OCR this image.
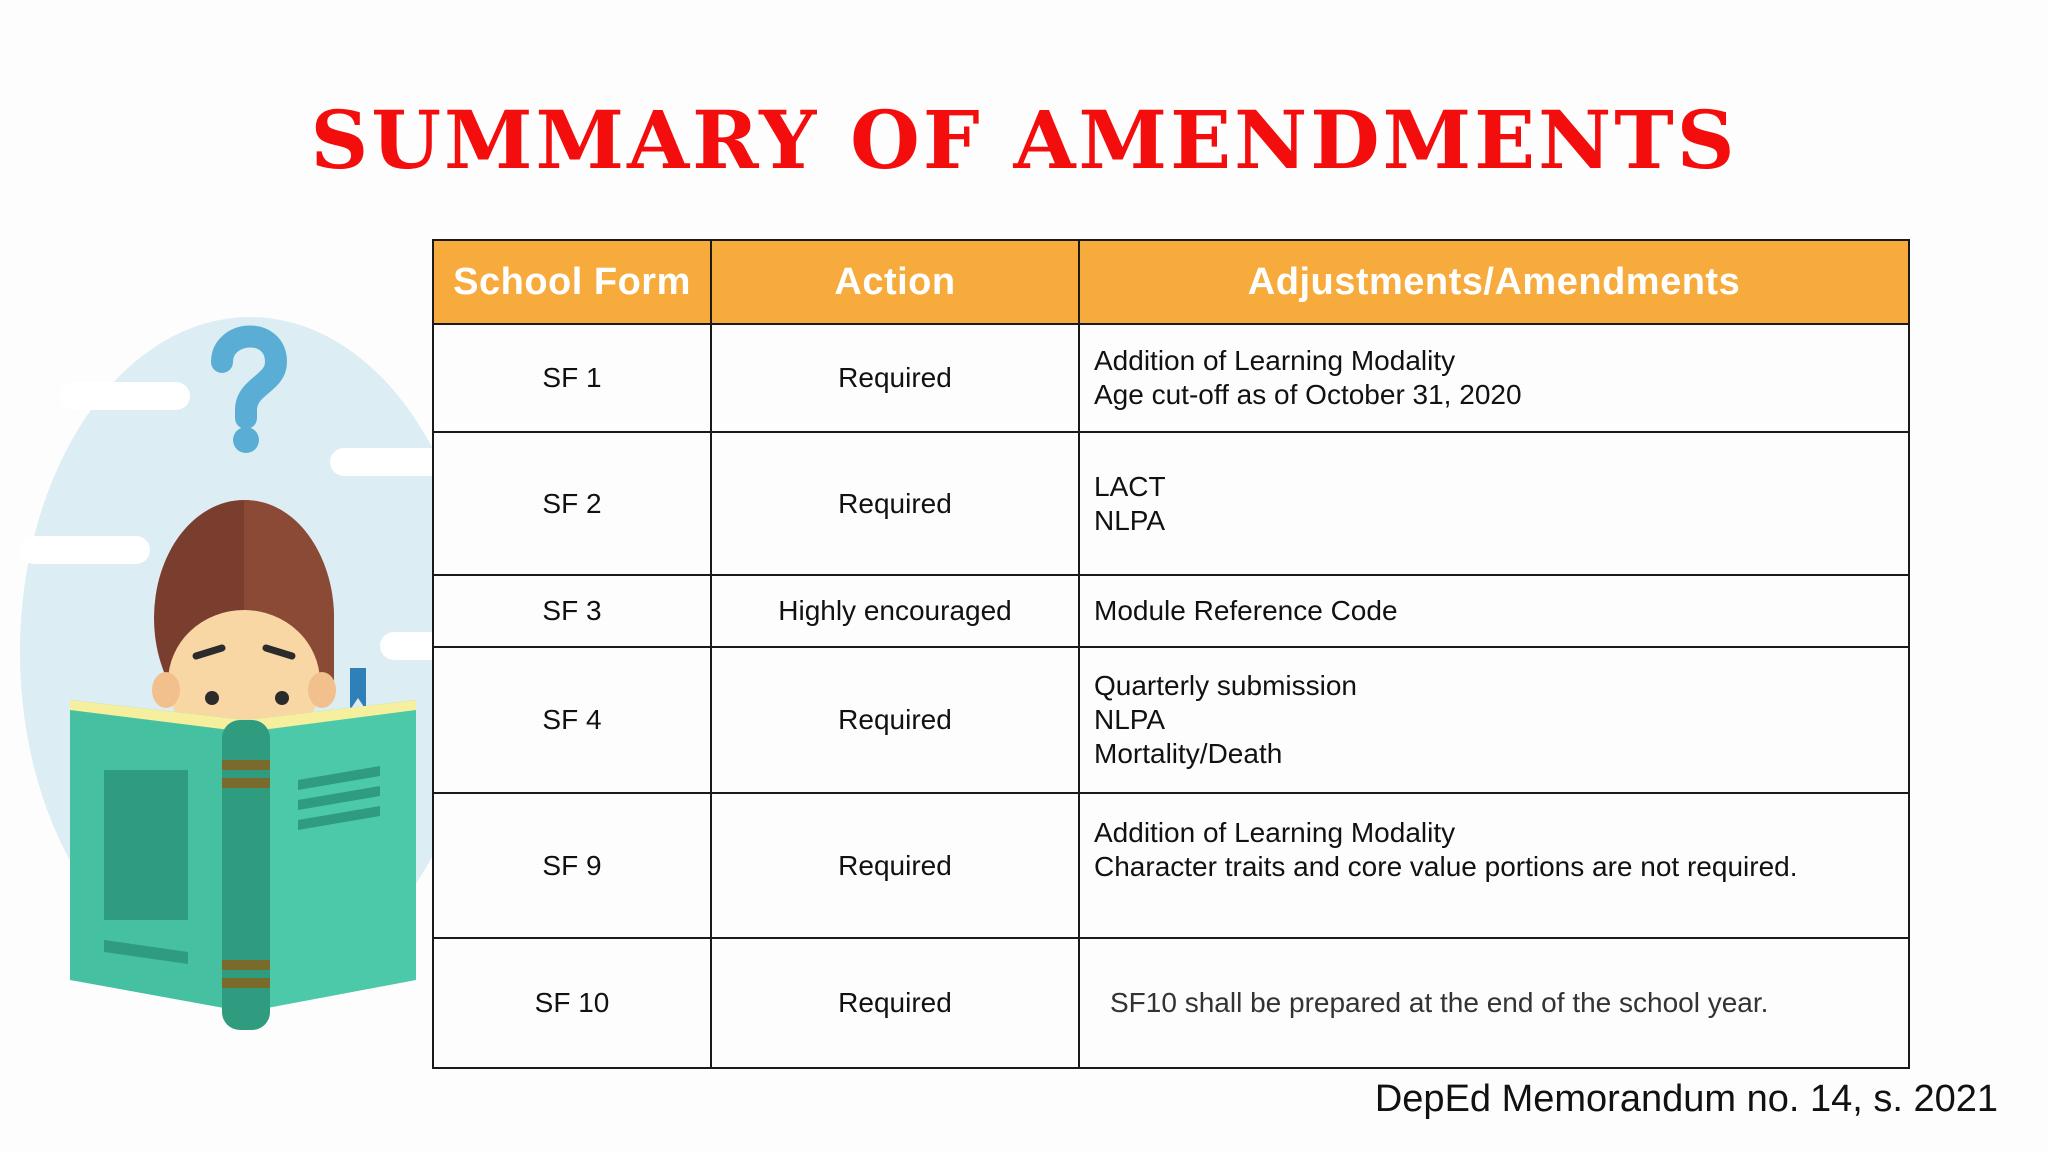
SUMMARY OF AMENDMENTS
School Form	Action	Adjustments/Amendments
SF 1	Required	Addition of Learning Modality
Age cut-off as of October 31, 2020

SF 2	Required	LACT
NLPA

SF 3	Highly encouraged	Module Reference Code

SF 4	Required	Quarterly submission
NLPA
Mortality/Death

SF 9	Required	Addition of Learning Modality
Character traits and core value portions are not required.

SF 10	Required	SF10 shall be prepared at the end of the school year.
DepEd Memorandum no. 14, s. 2021
